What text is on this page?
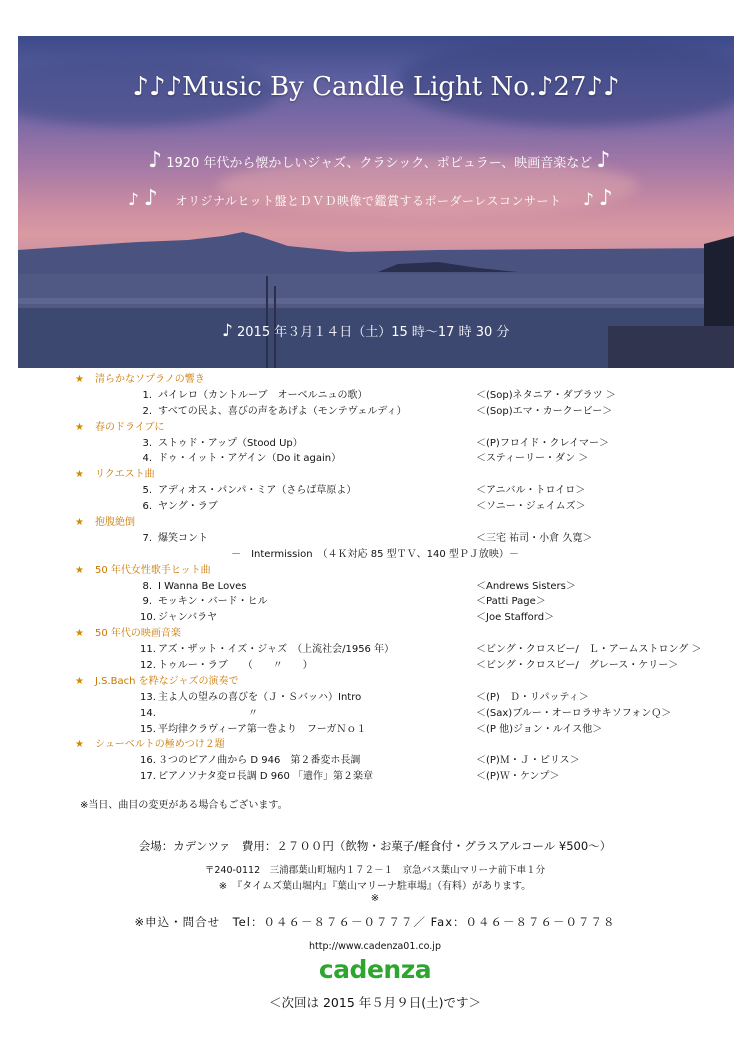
♪♪♪Music By Candle Light No.♪27♪♪
♪ 1920 年代から懐かしいジャズ、クラシック、ポピュラー、映画音楽など ♪
♪ ♪ オリジナルヒット盤とＤＶＤ映像で鑑賞するボーダーレスコンサート ♪ ♪
♪ 2015 年３月１４日（土）15 時～17 時 30 分
★ 清らかなソプラノの響き
1. パイレロ（カントルーブ　オーベルニュの歌）	＜(Sop)ネタニア・ダブラツ ＞
2. すべての民よ、喜びの声をあげよ（モンテヴェルディ）	＜(Sop)エマ・カークービー＞
★ 春のドライブに
3. ストゥド・アップ（Stood Up）	＜(P)フロイド・クレイマー＞
4. ドゥ・イット・アゲイン（Do it again）	＜スティーリー・ダン ＞
★ リクエスト曲
5. アディオス・パンパ・ミア（さらば草原よ）	＜アニバル・トロイロ＞
6. ヤング・ラブ	＜ソニー・ジェイムズ＞
★ 抱腹絶倒
7. 爆笑コント	＜三宅 祐司・小倉 久寛＞
－　Intermission　（４Ｋ対応 85 型ＴＶ、140 型ＰＪ放映）－
★ 50 年代女性歌手ヒット曲
8. I Wanna Be Loves	＜Andrews Sisters＞
9. モッキン・バード・ヒル	＜Patti Page＞
10. ジャンバラヤ	＜Joe Stafford＞
★ 50 年代の映画音楽
11. アズ・ザット・イズ・ジャズ　（上流社会/1956 年）	＜ビング・クロスビー/　Ｌ・アームストロング ＞
12. トゥルー・ラブ　　（　　〃　　）	＜ビング・クロスビー/　グレース・ケリー＞
★ J.S.Bach を粋なジャズの演奏で
13. 主よ人の望みの喜びを（Ｊ・Ｓバッハ）Intro	＜(P)　Ｄ・リパッティ＞
14. 　　　　　　　　　〃	＜(Sax)ブルー・オーロラサキソフォンＱ＞
15. 平均律クラヴィーア第一巻より　フーガＮｏ１	＜(P 他)ジョン・ルイス他＞
★ シューベルトの極めつけ２題
16. ３つのピアノ曲から D 946　第２番変ホ長調	＜(P)Ｍ・Ｊ・ピリス＞
17. ピアノソナタ変ロ長調 D 960 「遺作」第２楽章	＜(P)Ｗ・ケンプ＞
※当日、曲目の変更がある場合もございます。
会場：カデンツァ　費用：２７００円（飲物・お菓子/軽食付・グラスアルコール ¥500～）
〒240-0112　三浦郡葉山町堀内１７２－１　京急バス葉山マリーナ前下車１分
※　『タイムズ葉山堀内』『葉山マリーナ駐車場』（有料）があります。
※
※申込・問合せ　Tel：０４６－８７６－０７７７／ Fax：０４６－８７６－０７７８
http://www.cadenza01.co.jp
cadenza
＜次回は 2015 年５月９日(土)です＞
